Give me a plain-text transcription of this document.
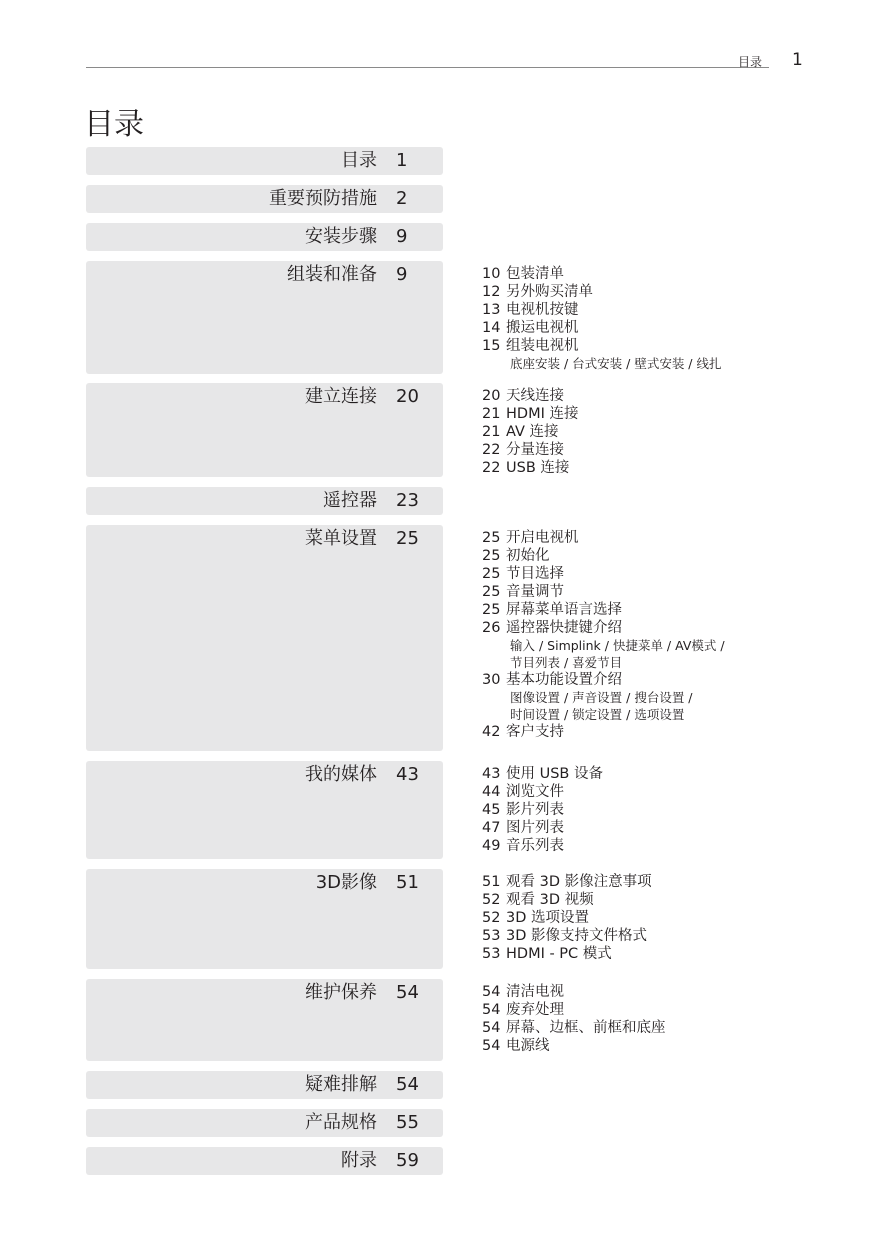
目录 1
目录
目录 1
重要预防措施 2
安装步骤 9
组装和准备 9	10 包装清单
12 另外购买清单
13 电视机按键
14 搬运电视机
15 组装电视机
底座安装 / 台式安装 / 壁式安装 / 线扎
建立连接 20	20 天线连接
21 HDMI 连接
21 AV 连接
22 分量连接
22 USB 连接
遥控器 23
菜单设置 25	25 开启电视机
25 初始化
25 节目选择
25 音量调节
25 屏幕菜单语言选择
26 遥控器快捷键介绍
输入 / Simplink / 快捷菜单 / AV模式 /
节目列表 / 喜爱节目
30 基本功能设置介绍
图像设置 / 声音设置 / 搜台设置 /
时间设置 / 锁定设置 / 选项设置
42 客户支持
我的媒体 43	43 使用 USB 设备
44 浏览文件
45 影片列表
47 图片列表
49 音乐列表
3D影像 51	51 观看 3D 影像注意事项
52 观看 3D 视频
52 3D 选项设置
53 3D 影像支持文件格式
53 HDMI - PC 模式
维护保养 54	54 清洁电视
54 废弃处理
54 屏幕、边框、前框和底座
54 电源线
疑难排解 54
产品规格 55
附录 59
